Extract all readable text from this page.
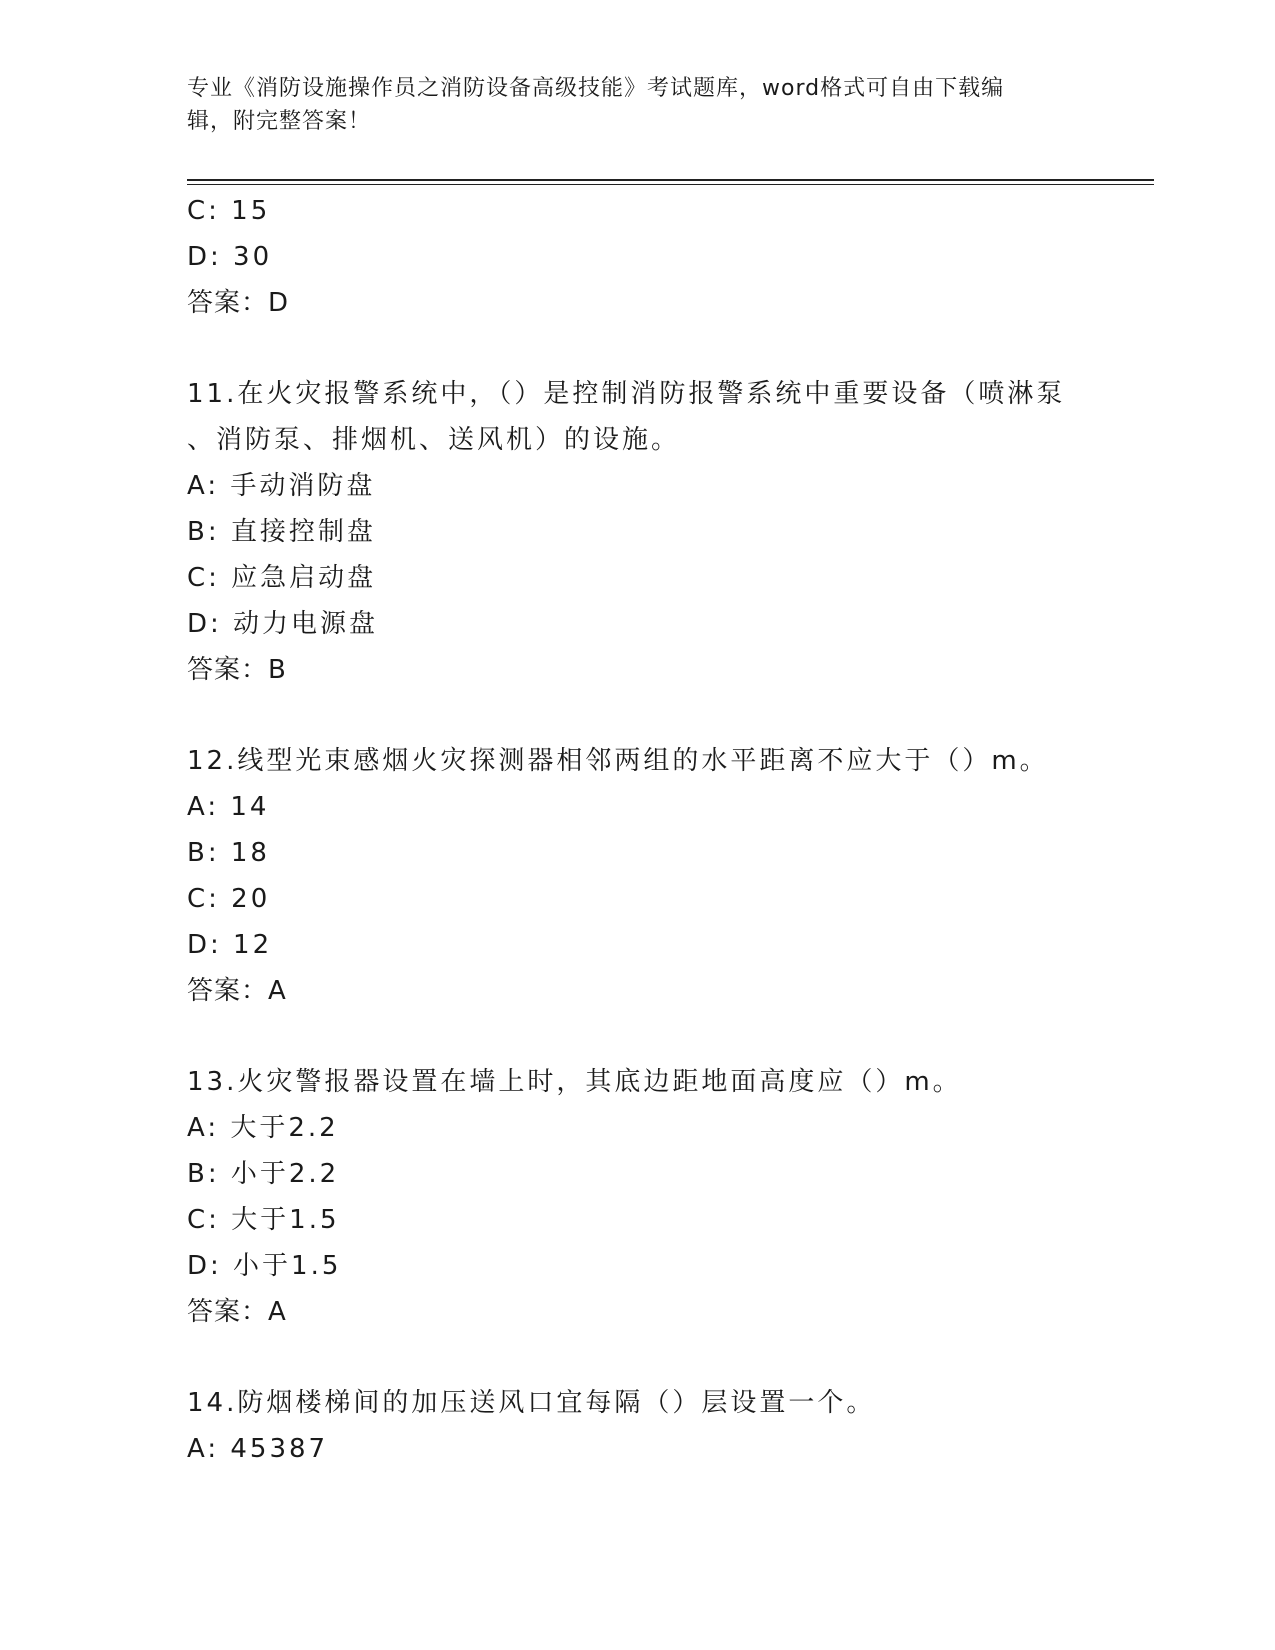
专业《消防设施操作员之消防设备高级技能》考试题库，word格式可自由下载编
辑，附完整答案！
C: 15
D: 30
答案：D
11.在火灾报警系统中，（）是控制消防报警系统中重要设备（喷淋泵
、消防泵、排烟机、送风机）的设施。
A: 手动消防盘
B: 直接控制盘
C: 应急启动盘
D: 动力电源盘
答案：B
12.线型光束感烟火灾探测器相邻两组的水平距离不应大于（）m。
A: 14
B: 18
C: 20
D: 12
答案：A
13.火灾警报器设置在墙上时，其底边距地面高度应（）m。
A: 大于2.2
B: 小于2.2
C: 大于1.5
D: 小于1.5
答案：A
14.防烟楼梯间的加压送风口宜每隔（）层设置一个。
A: 45387
